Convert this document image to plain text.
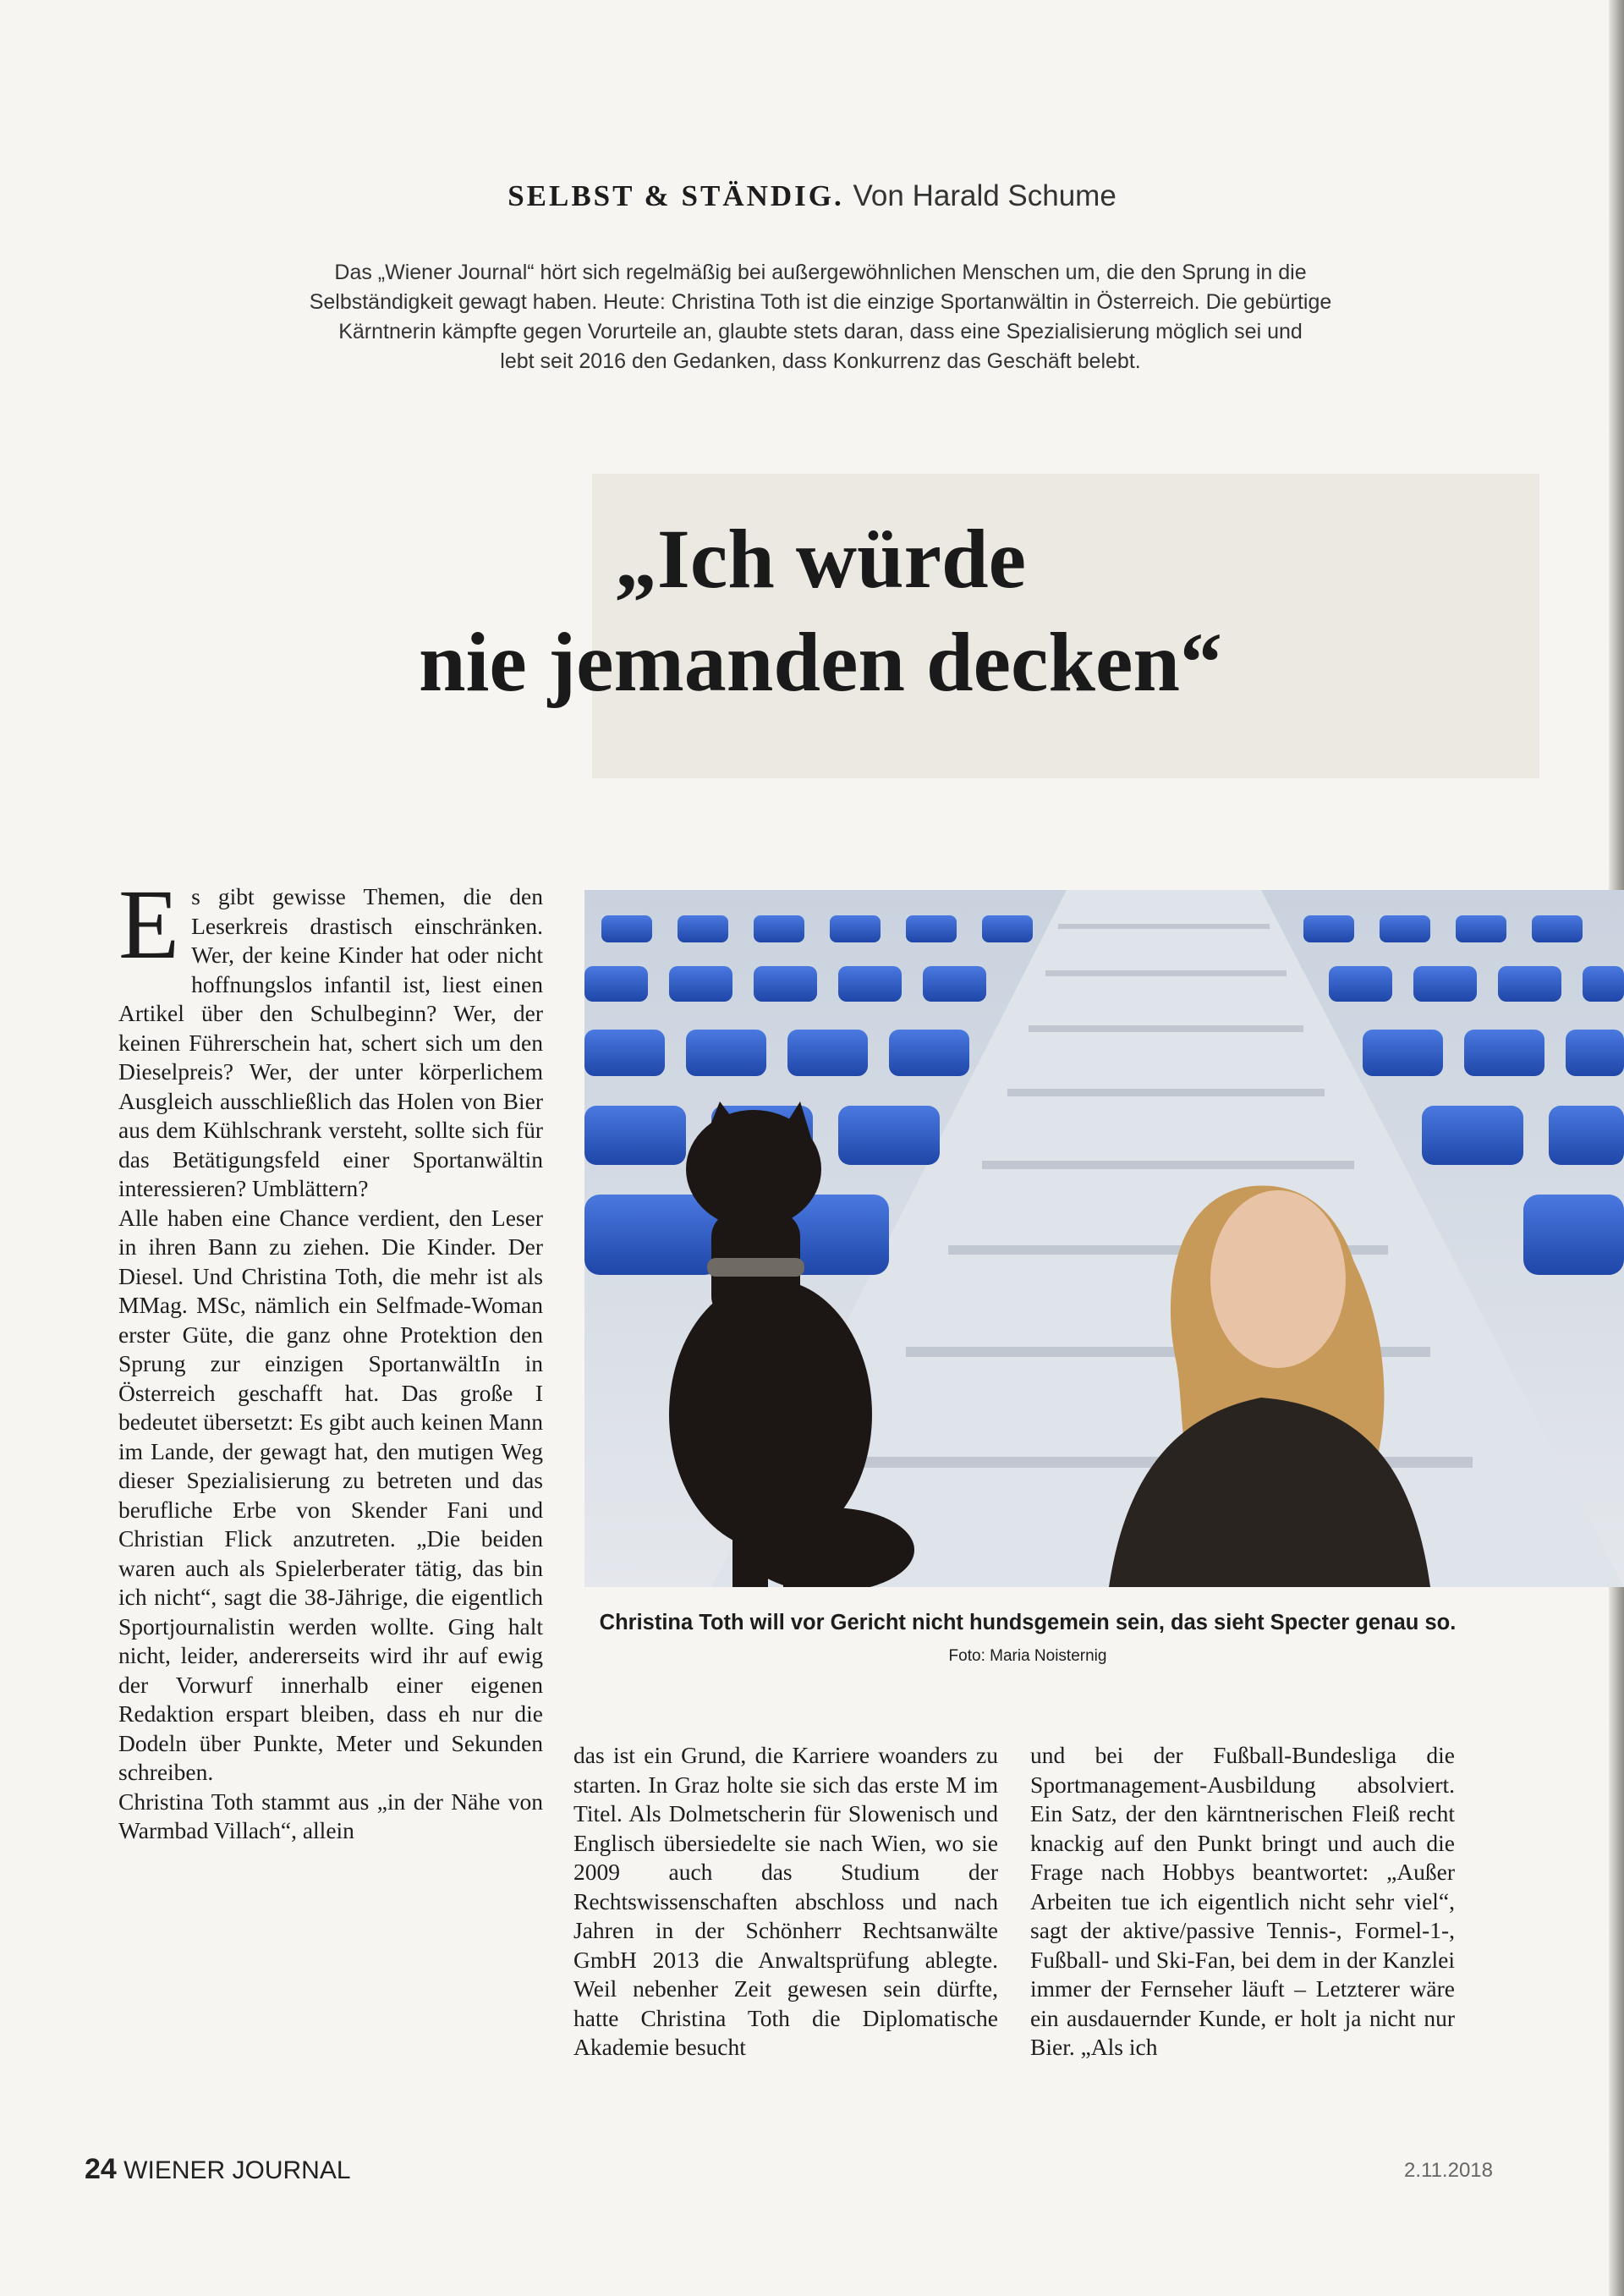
SELBST & STÄNDIG. Von Harald Schume

Das „Wiener Journal“ hört sich regelmäßig bei außergewöhnlichen Menschen um, die den Sprung in die

Selbständigkeit gewagt haben. Heute: Christina Toth ist die einzige Sportanwältin in Österreich. Die gebürtige

Kärntnerin kämpfte gegen Vorurteile an, glaubte stets daran, dass eine Spezialisierung möglich sei und

lebt seit 2016 den Gedanken, dass Konkurrenz das Geschäft belebt.

„Ich würde
nie jemanden decken“

Es gibt gewisse Themen, die den Leserkreis drastisch einschränken. Wer, der keine Kinder hat oder nicht hoffnungslos infantil ist, liest einen Artikel über den Schulbeginn? Wer, der keinen Führerschein hat, schert sich um den Dieselpreis? Wer, der unter körperlichem Ausgleich ausschließlich das Holen von Bier aus dem Kühlschrank versteht, sollte sich für das Betätigungsfeld einer Sportanwältin interessieren? Umblättern?

Alle haben eine Chance verdient, den Leser in ihren Bann zu ziehen. Die Kinder. Der Diesel. Und Christina Toth, die mehr ist als MMag. MSc, nämlich ein Selfmade-Woman erster Güte, die ganz ohne Protektion den Sprung zur einzigen SportanwältIn in Österreich geschafft hat. Das große I bedeutet übersetzt: Es gibt auch keinen Mann im Lande, der gewagt hat, den mutigen Weg dieser Spezialisierung zu betreten und das berufliche Erbe von Skender Fani und Christian Flick anzutreten. „Die beiden waren auch als Spielerberater tätig, das bin ich nicht“, sagt die 38-Jährige, die eigentlich Sportjournalistin werden wollte. Ging halt nicht, leider, andererseits wird ihr auf ewig der Vorwurf innerhalb einer eigenen Redaktion erspart bleiben, dass eh nur die Dodeln über Punkte, Meter und Sekunden schreiben.

Christina Toth stammt aus „in der Nähe von Warmbad Villach“, allein

Christina Toth will vor Gericht nicht hundsgemein sein, das sieht Specter genau so. Foto: Maria Noisternig

das ist ein Grund, die Karriere woanders zu starten. In Graz holte sie sich das erste M im Titel. Als Dolmetscherin für Slowenisch und Englisch übersiedelte sie nach Wien, wo sie 2009 auch das Studium der Rechtswissenschaften abschloss und nach Jahren in der Schönherr Rechtsanwälte GmbH 2013 die Anwaltsprüfung ablegte. Weil nebenher Zeit gewesen sein dürfte, hatte Christina Toth die Diplomatische Akademie besucht

und bei der Fußball-Bundesliga die Sportmanagement-Ausbildung absolviert. Ein Satz, der den kärntnerischen Fleiß recht knackig auf den Punkt bringt und auch die Frage nach Hobbys beantwortet: „Außer Arbeiten tue ich eigentlich nicht sehr viel“, sagt der aktive/passive Tennis-, Formel-1-, Fußball- und Ski-Fan, bei dem in der Kanzlei immer der Fernseher läuft – Letzterer wäre ein ausdauernder Kunde, er holt ja nicht nur Bier. „Als ich

24 WIENER JOURNAL	2.11.2018
